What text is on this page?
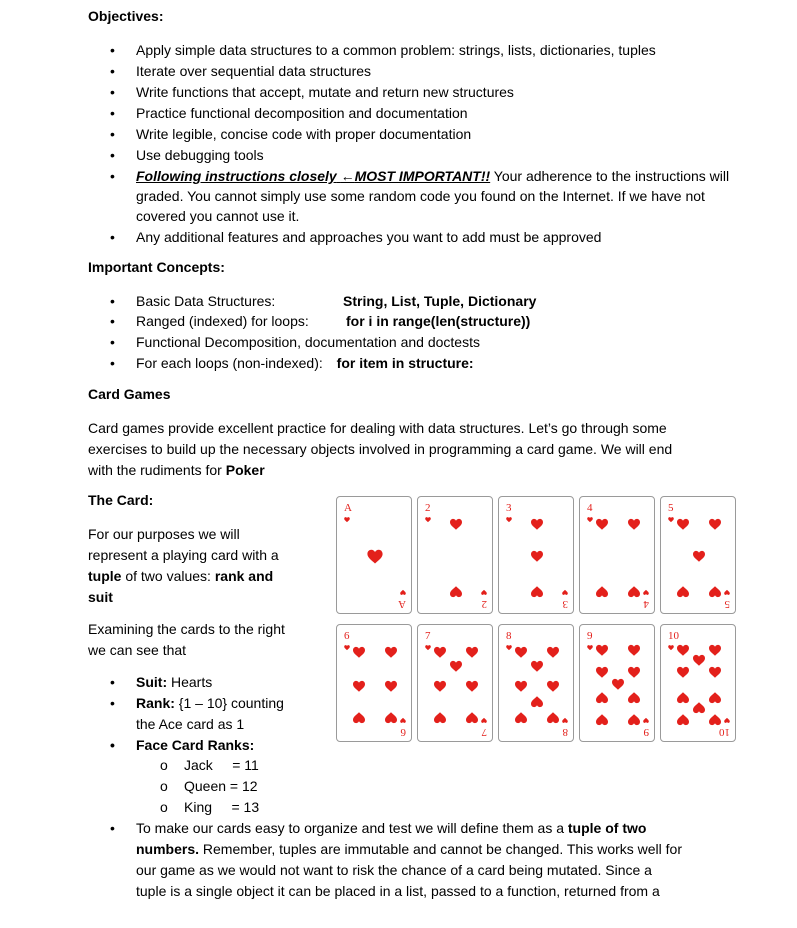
Objectives:
• Apply simple data structures to a common problem: strings, lists, dictionaries, tuples
• Iterate over sequential data structures
• Write functions that accept, mutate and return new structures
• Practice functional decomposition and documentation
• Write legible, concise code with proper documentation
• Use debugging tools
• Following instructions closely ←MOST IMPORTANT!! Your adherence to the instructions will
graded. You cannot simply use some random code you found on the Internet. If we have not
covered you cannot use it.
• Any additional features and approaches you want to add must be approved
Important Concepts:
• Basic Data Structures:	String, List, Tuple, Dictionary
• Ranged (indexed) for loops:	for i in range(len(structure))
• Functional Decomposition, documentation and doctests
• For each loops (non-indexed): for item in structure:
Card Games
Card games provide excellent practice for dealing with data structures. Let’s go through some
exercises to build up the necessary objects involved in programming a card game. We will end
with the rudiments for Poker
The Card:
For our purposes we will
represent a playing card with a
tuple of two values: rank and
suit
Examining the cards to the right
we can see that
• Suit: Hearts
• Rank: {1 – 10} counting
the Ace card as 1
• Face Card Ranks:
o Jack     = 11
o Queen = 12
o King     = 13
• To make our cards easy to organize and test we will define them as a tuple of two
numbers. Remember, tuples are immutable and cannot be changed. This works well for
our game as we would not want to risk the chance of a card being mutated. Since a
tuple is a single object it can be placed in a list, passed to a function, returned from a
A
A
2
2
3
3
4
4
5
5
6
6
7
7
8
8
9
9
10
10
